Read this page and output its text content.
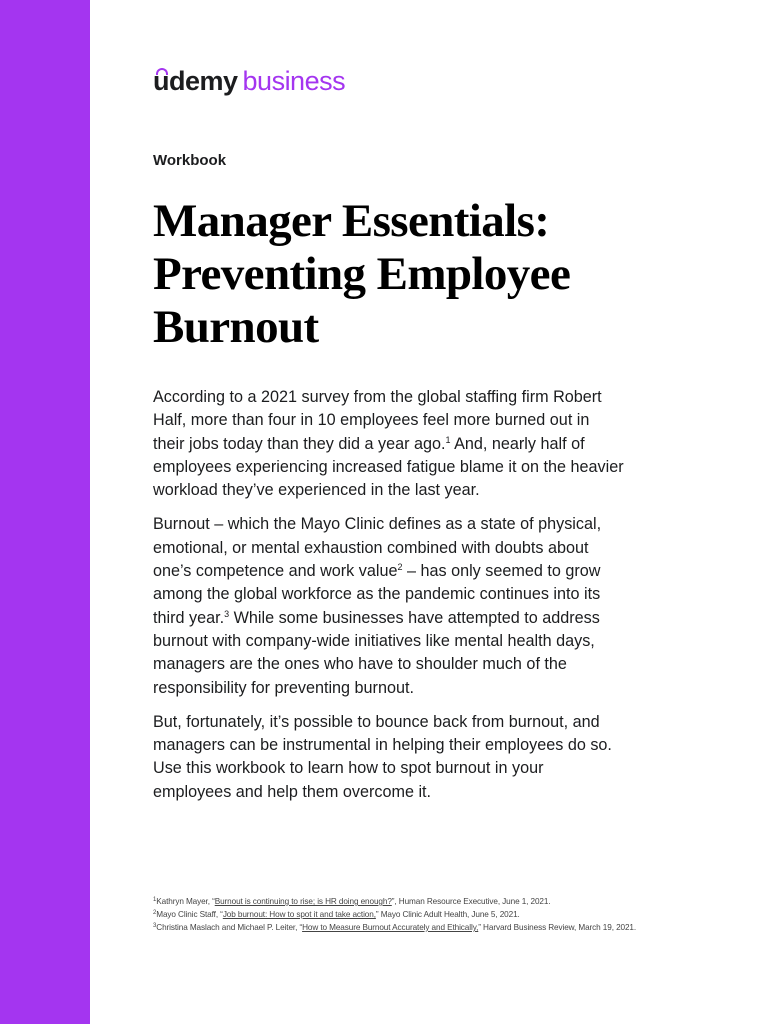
udemy business
Workbook
Manager Essentials: Preventing Employee Burnout

According to a 2021 survey from the global staffing firm Robert Half, more than four in 10 employees feel more burned out in their jobs today than they did a year ago.$^1$ And, nearly half of employees experiencing increased fatigue blame it on the heavier workload they’ve experienced in the last year.

Burnout – which the Mayo Clinic defines as a state of physical, emotional, or mental exhaustion combined with doubts about one’s competence and work value$^2$ – has only seemed to grow among the global workforce as the pandemic continues into its third year.$^3$ While some businesses have attempted to address burnout with company-wide initiatives like mental health days, managers are the ones who have to shoulder much of the responsibility for preventing burnout.

But, fortunately, it’s possible to bounce back from burnout, and managers can be instrumental in helping their employees do so. Use this workbook to learn how to spot burnout in your employees and help them overcome it.

$^1$Kathryn Mayer, “Burnout is continuing to rise; is HR doing enough?”, Human Resource Executive, June 1, 2021.
$^2$Mayo Clinic Staff, “Job burnout: How to spot it and take action,” Mayo Clinic Adult Health, June 5, 2021.
$^3$Christina Maslach and Michael P. Leiter, “How to Measure Burnout Accurately and Ethically,” Harvard Business Review, March 19, 2021.
